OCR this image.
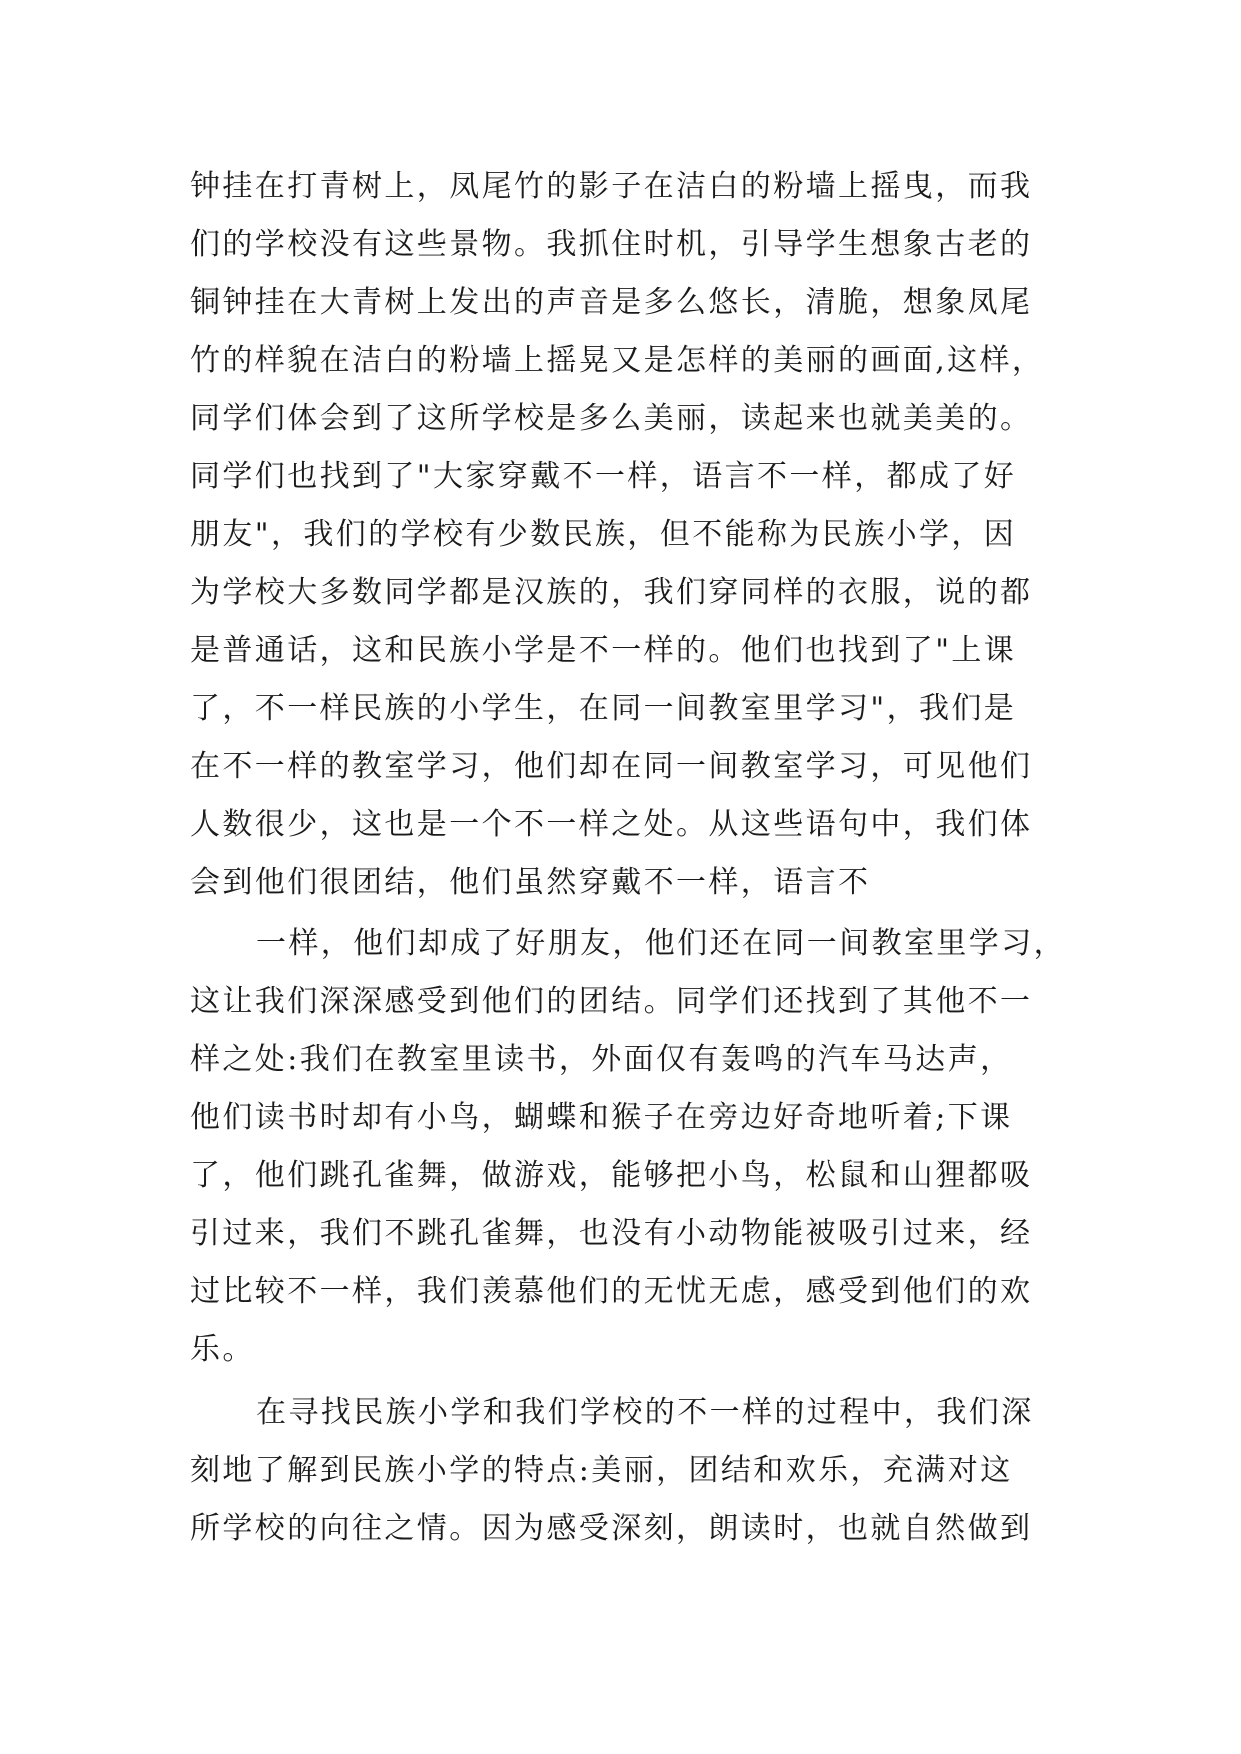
钟挂在打青树上，凤尾竹的影子在洁白的粉墙上摇曳，而我
们的学校没有这些景物。我抓住时机，引导学生想象古老的
铜钟挂在大青树上发出的声音是多么悠长，清脆，想象凤尾
竹的样貌在洁白的粉墙上摇晃又是怎样的美丽的画面,这样，
同学们体会到了这所学校是多么美丽，读起来也就美美的。
同学们也找到了"大家穿戴不一样，语言不一样，都成了好
朋友"，我们的学校有少数民族，但不能称为民族小学，因
为学校大多数同学都是汉族的，我们穿同样的衣服，说的都
是普通话，这和民族小学是不一样的。他们也找到了"上课
了，不一样民族的小学生，在同一间教室里学习"，我们是
在不一样的教室学习，他们却在同一间教室学习，可见他们
人数很少，这也是一个不一样之处。从这些语句中，我们体
会到他们很团结，他们虽然穿戴不一样，语言不
一样，他们却成了好朋友，他们还在同一间教室里学习，
这让我们深深感受到他们的团结。同学们还找到了其他不一
样之处:我们在教室里读书，外面仅有轰鸣的汽车马达声，
他们读书时却有小鸟，蝴蝶和猴子在旁边好奇地听着;下课
了，他们跳孔雀舞，做游戏，能够把小鸟，松鼠和山狸都吸
引过来，我们不跳孔雀舞，也没有小动物能被吸引过来，经
过比较不一样，我们羡慕他们的无忧无虑，感受到他们的欢
乐。
在寻找民族小学和我们学校的不一样的过程中，我们深
刻地了解到民族小学的特点:美丽，团结和欢乐，充满对这
所学校的向往之情。因为感受深刻，朗读时，也就自然做到
